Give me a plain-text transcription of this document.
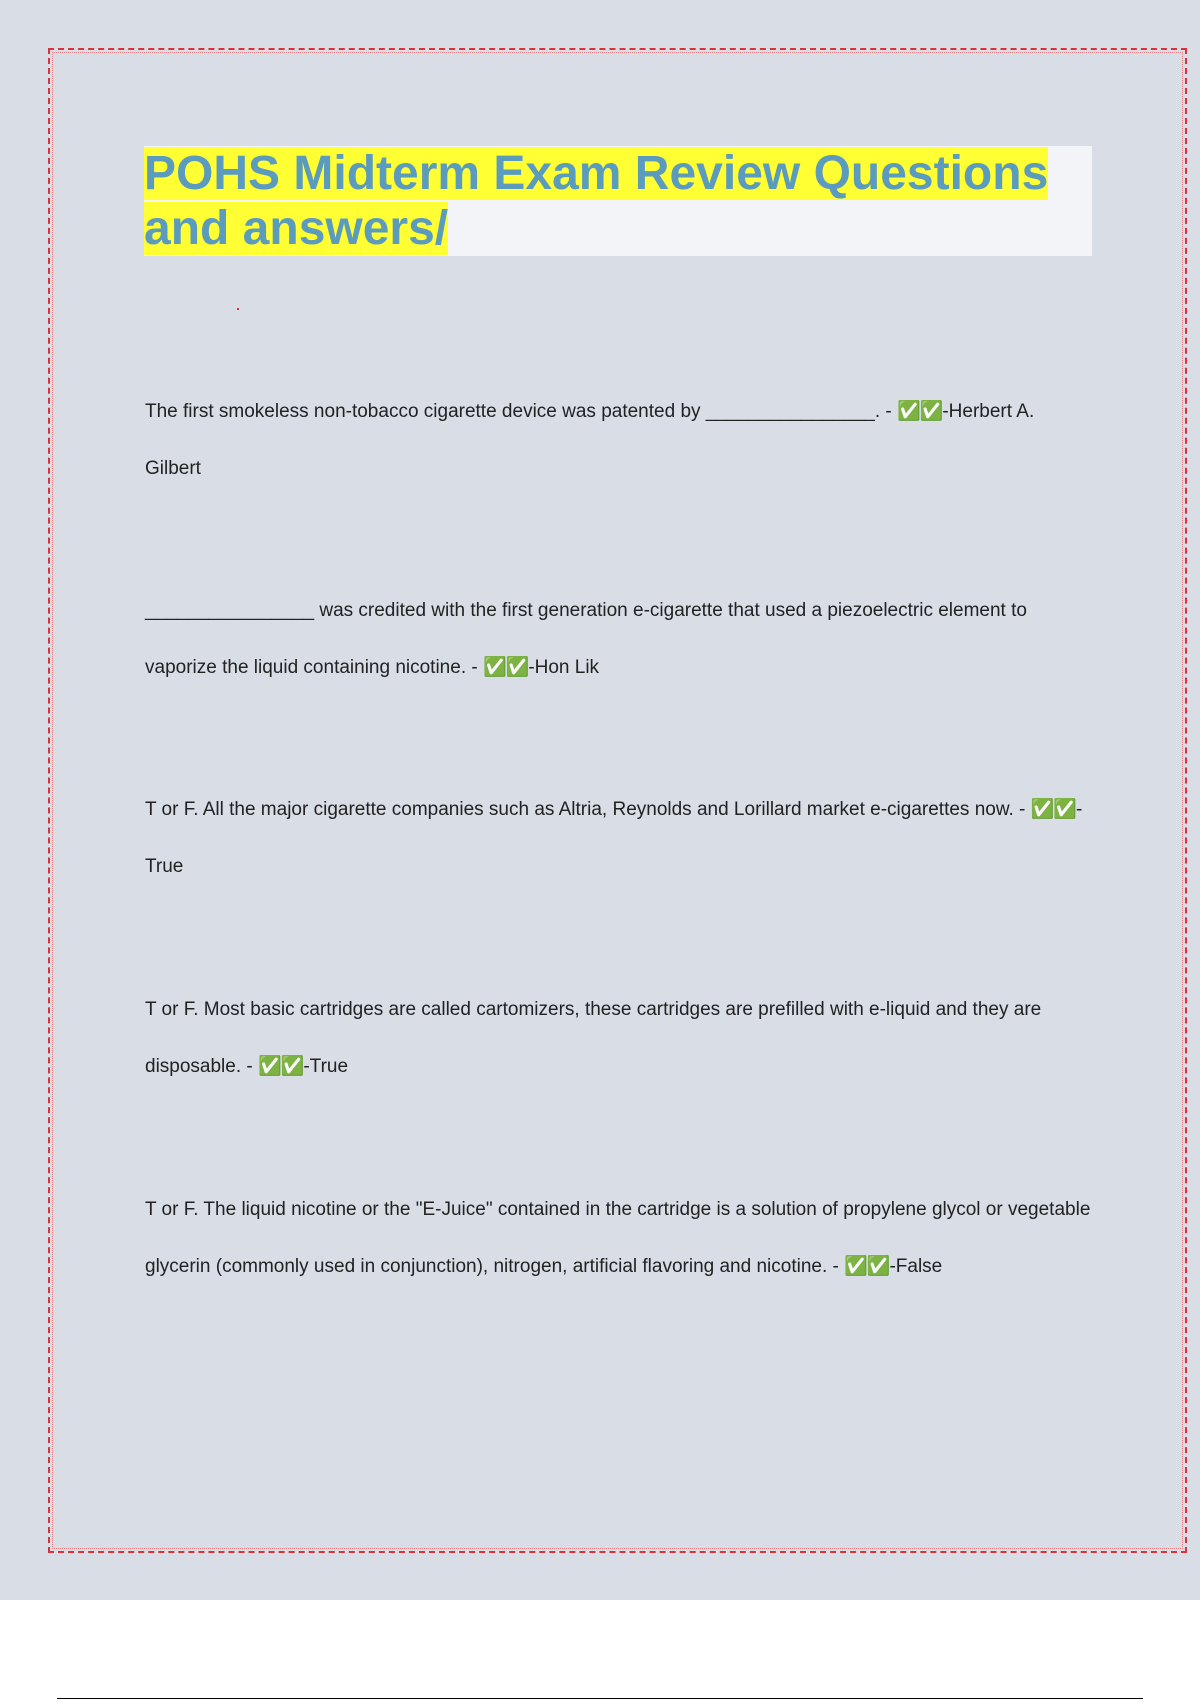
POHS Midterm Exam Review Questions
and answers/
The first smokeless non-tobacco cigarette device was patented by ________________. - ✅✅-Herbert A. Gilbert
________________ was credited with the first generation e-cigarette that used a piezoelectric element to vaporize the liquid containing nicotine. - ✅✅-Hon Lik
T or F. All the major cigarette companies such as Altria, Reynolds and Lorillard market e-cigarettes now. - ✅✅-True
T or F. Most basic cartridges are called cartomizers, these cartridges are prefilled with e-liquid and they are disposable. - ✅✅-True
T or F. The liquid nicotine or the "E-Juice" contained in the cartridge is a solution of propylene glycol or vegetable glycerin (commonly used in conjunction), nitrogen, artificial flavoring and nicotine. - ✅✅-False
